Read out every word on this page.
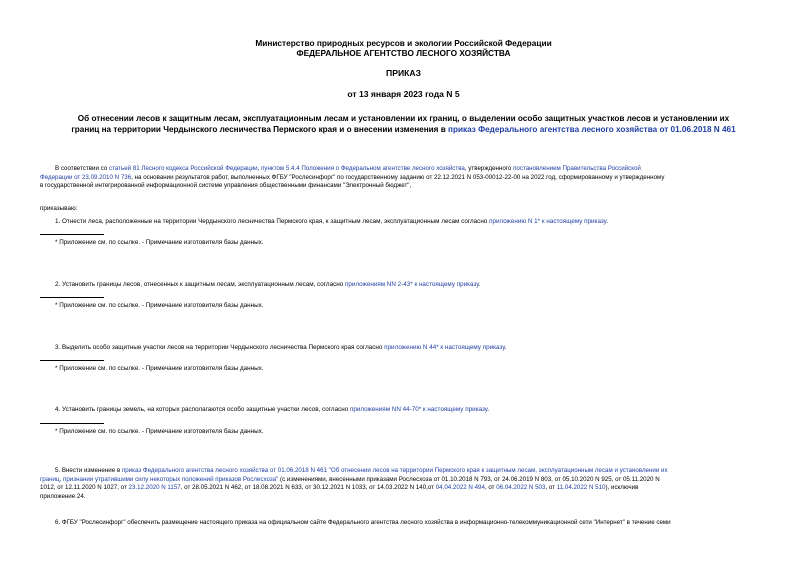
Министерство природных ресурсов и экологии Российской Федерации
ФЕДЕРАЛЬНОЕ АГЕНТСТВО ЛЕСНОГО ХОЗЯЙСТВА
ПРИКАЗ
от 13 января 2023 года N 5
Об отнесении лесов к защитным лесам, эксплуатационным лесам и установлении их границ, о выделении особо защитных участков лесов и установлении их
границ на территории Чердынского лесничества Пермского края и о внесении изменения в приказ Федерального агентства лесного хозяйства от 01.06.2018 N 461
В соответствии со статьей 81 Лесного кодекса Российской Федерации, пунктом 5.4.4 Положения о Федеральном агентстве лесного хозяйства, утвержденного постановлением Правительства Российской
Федерации от 23.09.2010 N 736, на основании результатов работ, выполненных ФГБУ "Рослесинфорг" по государственному заданию от 22.12.2021 N 053-00012-22-00 на 2022 год, сформированному и утвержденному
в государственной интегрированной информационной системе управления общественными финансами "Электронный бюджет",
приказываю:
1. Отнести леса, расположенные на территории Чердынского лесничества Пермского края, к защитным лесам, эксплуатационным лесам согласно приложению N 1* к настоящему приказу.
* Приложение см. по ссылке. - Примечание изготовителя базы данных.
2. Установить границы лесов, отнесенных к защитным лесам, эксплуатационным лесам, согласно приложениям NN 2-43* к настоящему приказу.
* Приложение см. по ссылке. - Примечание изготовителя базы данных.
3. Выделить особо защитные участки лесов на территории Чердынского лесничества Пермского края согласно приложению N 44* к настоящему приказу.
* Приложение см. по ссылке. - Примечание изготовителя базы данных.
4. Установить границы земель, на которых располагаются особо защитные участки лесов, согласно приложениям NN 44-70* к настоящему приказу.
* Приложение см. по ссылке. - Примечание изготовителя базы данных.
5. Внести изменение в приказ Федерального агентства лесного хозяйства от 01.06.2018 N 461 "Об отнесении лесов на территории Пермского края к защитным лесам, эксплуатационным лесам и установлении их
границ, признании утратившими силу некоторых положений приказов Рослесхоза" (с изменениями, внесенными приказами Рослесхоза от 01.10.2018 N 793, от 24.06.2019 N 803, от 05.10.2020 N 925, от 05.11.2020 N
1012, от 12.11.2020 N 1027, от 23.12.2020 N 1157, от 28.05.2021 N 462, от 18.08.2021 N 633, от 30.12.2021 N 1033, от 14.03.2022 N 140,от 04.04.2022 N 494, от 06.04.2022 N 503, от 11.04.2022 N 510), исключив
приложение 24.
6. ФГБУ "Рослесинфорг" обеспечить размещение настоящего приказа на официальном сайте Федерального агентства лесного хозяйства в информационно-телекоммуникационной сети "Интернет" в течение семи
